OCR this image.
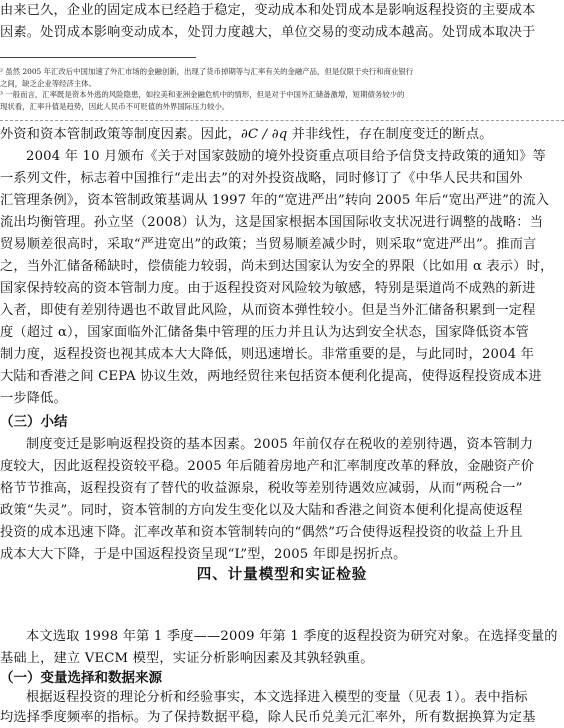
由来已久，企业的固定成本已经趋于稳定，变动成本和处罚成本是影响返程投资的主要成本
因素。处罚成本影响变动成本，处罚力度越大，单位交易的变动成本越高。处罚成本取决于
² 虽然 2005 年汇改后中国加速了外汇市场的金融创新，出现了货币掉期等与汇率有关的金融产品，但是仅限于央行和商业银行
之间，缺乏企业等经济主体。
³ 一般而言，汇率既是资本外逃的风险隐患，如拉美和亚洲金融危机中的情形，但是对于中国外汇储备激增，短期债务较少的
现状看，汇率升值是趋势，因此人民币不可贬值的外界国际压力较小。
外资和资本管制政策等制度因素。因此，∂C / ∂q 并非线性，存在制度变迁的断点。
2004 年 10 月颁布《关于对国家鼓励的境外投资重点项目给予信贷支持政策的通知》等
一系列文件，标志着中国推行“走出去”的对外投资战略，同时修订了《中华人民共和国外
汇管理条例》，资本管制政策基调从 1997 年的“宽进严出”转向 2005 年后“宽出严进”的流入
流出均衡管理。孙立坚（2008）认为，这是国家根据本国国际收支状况进行调整的战略：当
贸易顺差很高时，采取“严进宽出”的政策；当贸易顺差减少时，则采取“宽进严出”。推而言
之，当外汇储备稀缺时，偿债能力较弱，尚未到达国家认为安全的界限（比如用 α 表示）时，
国家保持较高的资本管制力度。由于返程投资对风险较为敏感，特别是渠道尚不成熟的新进
入者，即使有差别待遇也不敢冒此风险，从而资本弹性较小。但是当外汇储备积累到一定程
度（超过 α），国家面临外汇储备集中管理的压力并且认为达到安全状态，国家降低资本管
制力度，返程投资也视其成本大大降低，则迅速增长。非常重要的是，与此同时，2004 年
大陆和香港之间 CEPA 协议生效，两地经贸往来包括资本便利化提高，使得返程投资成本进
一步降低。
（三）小结
制度变迁是影响返程投资的基本因素。2005 年前仅存在税收的差别待遇，资本管制力
度较大，因此返程投资较平稳。2005 年后随着房地产和汇率制度改革的释放，金融资产价
格节节推高，返程投资有了替代的收益源泉，税收等差别待遇效应减弱，从而“两税合一”
政策“失灵”。同时，资本管制的方向发生变化以及大陆和香港之间资本便利化提高使返程
投资的成本迅速下降。汇率改革和资本管制转向的“偶然”巧合使得返程投资的收益上升且
成本大大下降，于是中国返程投资呈现“L”型，2005 年即是拐折点。
四、计量模型和实证检验
本文选取 1998 年第 1 季度——2009 年第 1 季度的返程投资为研究对象。在选择变量的
基础上，建立 VECM 模型，实证分析影响因素及其孰轻孰重。
（一）变量选择和数据来源
根据返程投资的理论分析和经验事实，本文选择进入模型的变量（见表 1）。表中指标
均选择季度频率的指标。为了保持数据平稳，除人民币兑美元汇率外，所有数据换算为定基
